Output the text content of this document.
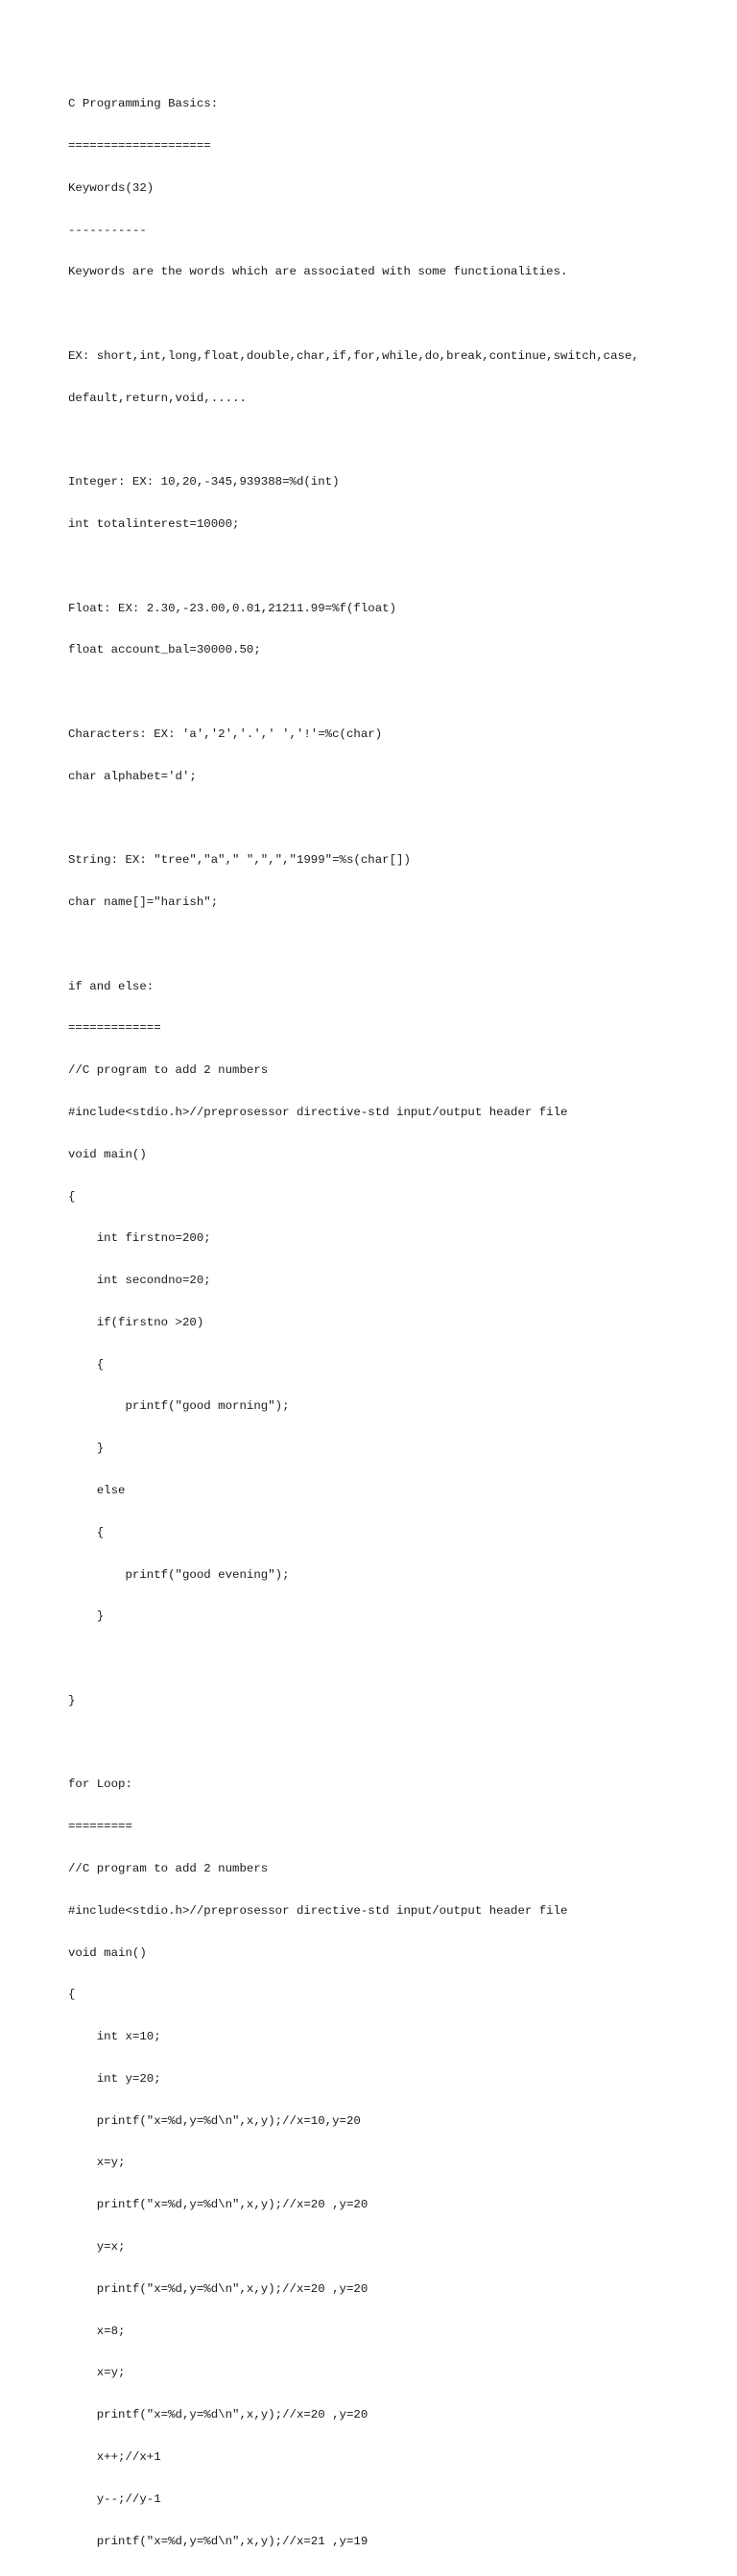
C Programming Basics:

====================

Keywords(32)

-----------

Keywords are the words which are associated with some functionalities.

EX: short,int,long,float,double,char,if,for,while,do,break,continue,switch,case,

default,return,void,.....

Integer: EX: 10,20,-345,939388=%d(int)

int totalinterest=10000;

Float: EX: 2.30,-23.00,0.01,21211.99=%f(float)

float account_bal=30000.50;

Characters: EX: 'a','2','.',' ','!'=%c(char)

char alphabet='d';

String: EX: "tree","a"," ",",","1999"=%s(char[])

char name[]="harish";

if and else:

=============

//C program to add 2 numbers

#include<stdio.h>//preprosessor directive-std input/output header file

void main()

{

int firstno=200;

int secondno=20;

if(firstno >20)

{

printf("good morning");

}

else

{

printf("good evening");

}

}

for Loop:

=========

//C program to add 2 numbers

#include<stdio.h>//preprosessor directive-std input/output header file

void main()

{

int x=10;

int y=20;

printf("x=%d,y=%d\n",x,y);//x=10,y=20

x=y;

printf("x=%d,y=%d\n",x,y);//x=20 ,y=20

y=x;

printf("x=%d,y=%d\n",x,y);//x=20 ,y=20

x=8;

x=y;

printf("x=%d,y=%d\n",x,y);//x=20 ,y=20

x++;//x+1

y--;//y-1

printf("x=%d,y=%d\n",x,y);//x=21 ,y=19
